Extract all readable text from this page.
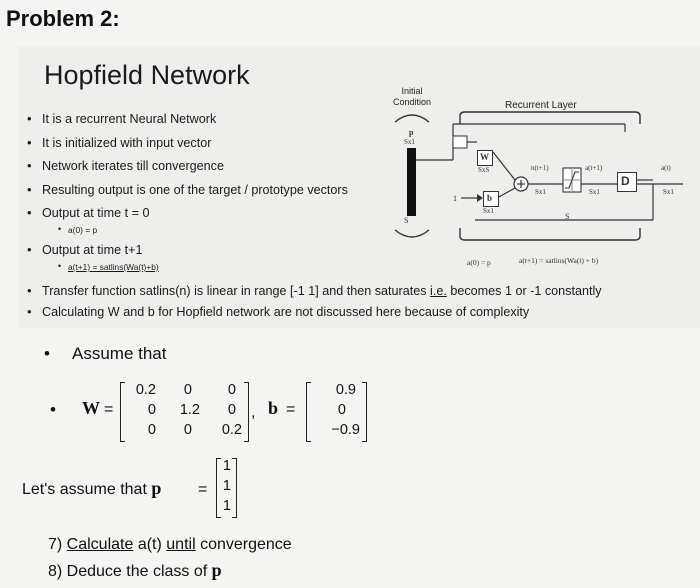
Problem 2:
Hopfield Network
• It is a recurrent Neural Network
• It is initialized with input vector
• Network iterates till convergence
• Resulting output is one of the target / prototype vectors
• Output at time t = 0
• a(0) = p
• Output at time t+1
• a(t+1) = satlins(Wa(t)+b)
• Transfer function satlins(n) is linear in range [-1 1] and then saturates i.e. becomes 1 or -1 constantly
• Calculating W and b for Hopfield network are not discussed here because of complexity
Initial
Condition	Recurrent Layer
p
Sx1
S
W
SxS
1	b
Sx1
n(t+1)
Sx1
a(t+1)
Sx1
D
a(t)
Sx1
S
a(0) = p	a(t+1) = satlins(Wa(t) + b)
• Assume that
• W =
0.2 0 0
0 1.2 0
0 0 0.2
, b =
0.9
0
−0.9
Let's assume that p =
1
1
1
7) Calculate a(t) until convergence
8) Deduce the class of p
